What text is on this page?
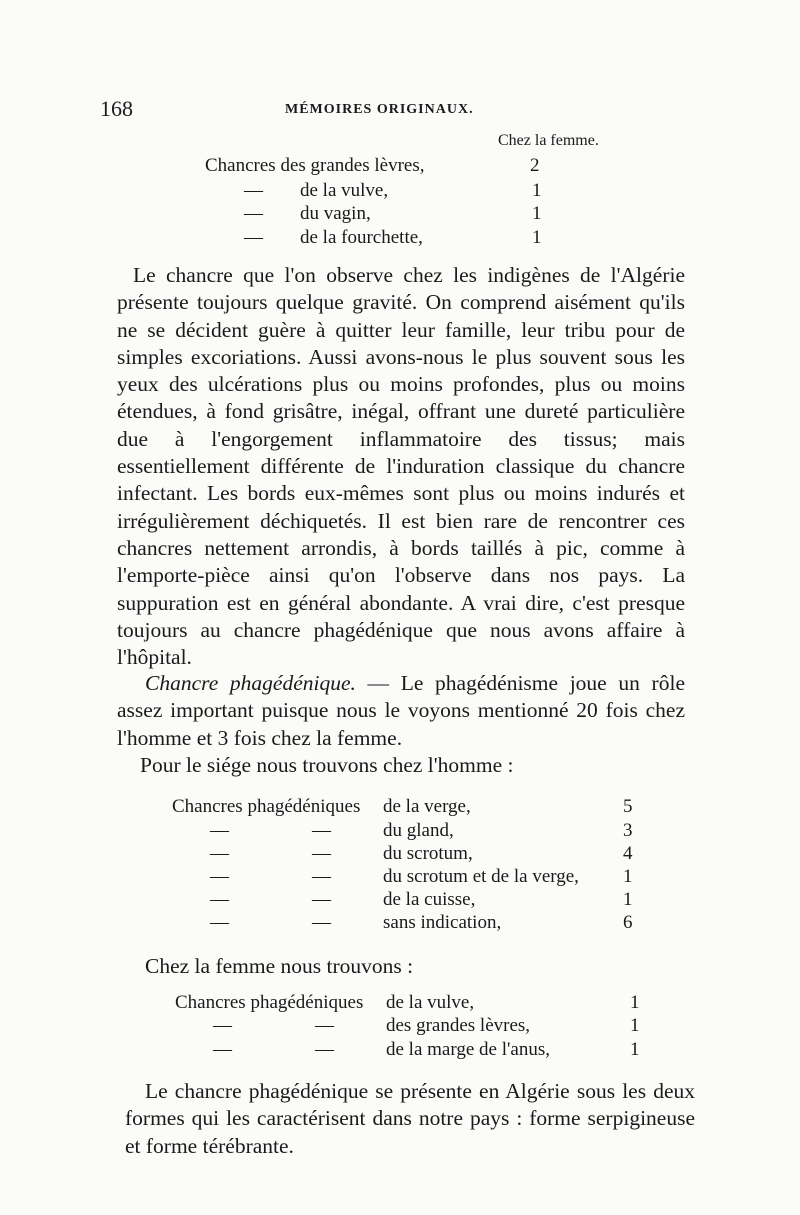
168	MÉMOIRES ORIGINAUX.
Chez la femme.
Chancres des grandes lèvres,	2
— de la vulve,	1
— du vagin,	1
— de la fourchette,	1

Le chancre que l'on observe chez les indigènes de l'Algérie présente toujours quelque gravité. On comprend aisément qu'ils ne se décident guère à quitter leur famille, leur tribu pour de simples excoriations. Aussi avons-nous le plus souvent sous les yeux des ulcérations plus ou moins profondes, plus ou moins étendues, à fond grisâtre, inégal, offrant une dureté particulière due à l'engorgement inflammatoire des tissus; mais essentiellement différente de l'induration classique du chancre infectant. Les bords eux-mêmes sont plus ou moins indurés et irrégulièrement déchiquetés. Il est bien rare de rencontrer ces chancres nettement arrondis, à bords taillés à pic, comme à l'emporte-pièce ainsi qu'on l'observe dans nos pays. La suppuration est en général abondante. A vrai dire, c'est presque toujours au chancre phagédénique que nous avons affaire à l'hôpital.

Chancre phagédénique. — Le phagédénisme joue un rôle assez important puisque nous le voyons mentionné 20 fois chez l'homme et 3 fois chez la femme.

Pour le siége nous trouvons chez l'homme :

Chancres phagédéniques de la verge,	5
—	—	du gland,	3
—	—	du scrotum,	4
—	—	du scrotum et de la verge, 1
—	—	de la cuisse,	1
—	—	sans indication,	6

Chez la femme nous trouvons :

Chancres phagédéniques de la vulve,	1
—	—	des grandes lèvres,	1
—	—	de la marge de l'anus,	1

Le chancre phagédénique se présente en Algérie sous les deux formes qui les caractérisent dans notre pays : forme serpigineuse et forme térébrante.
